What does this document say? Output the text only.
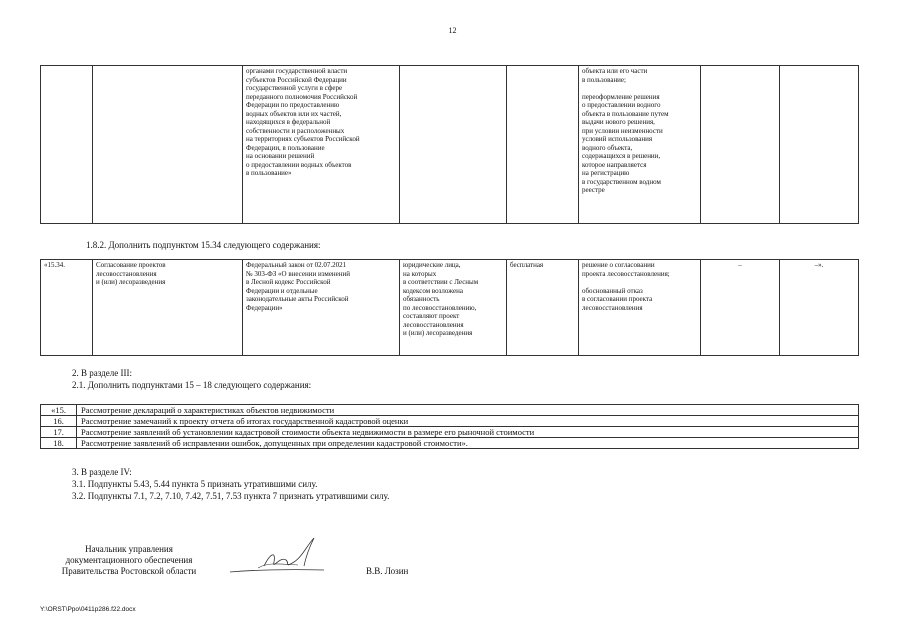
12
		органами государственной власти
субъектов Российской Федерации
государственной услуги в сфере
переданного полномочия Российской
Федерации по предоставлению
водных объектов или их частей,
находящихся в федеральной
собственности и расположенных
на территориях субъектов Российской
Федерации, в пользование
на основании решений
о предоставлении водных объектов
в пользование»			объекта или его части
в пользование;

переоформление решения
о предоставлении водного
объекта в пользование путем
выдачи нового решения,
при условии неизменности
условий использования
водного объекта,
содержащихся в решении,
которое направляется
на регистрацию
в государственном водном
реестре		
1.8.2. Дополнить подпунктом 15.34 следующего содержания:
«15.34.	Согласование проектов
лесовосстановления
и (или) лесоразведения	Федеральный закон от 02.07.2021
№ 303-ФЗ «О внесении изменений
в Лесной кодекс Российской
Федерации и отдельные
законодательные акты Российской
Федерации»	юридические лица,
на которых
в соответствии с Лесным
кодексом возложена
обязанность
по лесовосстановлению,
составляют проект
лесовосстановления
и (или) лесоразведения	бесплатная	решение о согласовании
проекта лесовосстановления;

обоснованный отказ
в согласовании проекта
лесовосстановления	–	–».
2. В разделе III:
2.1. Дополнить подпунктами 15 – 18 следующего содержания:
«15.	Рассмотрение деклараций о характеристиках объектов недвижимости
16.	Рассмотрение замечаний к проекту отчета об итогах государственной кадастровой оценки
17.	Рассмотрение заявлений об установлении кадастровой стоимости объекта недвижимости в размере его рыночной стоимости
18.	Рассмотрение заявлений об исправлении ошибок, допущенных при определении кадастровой стоимости».
3. В разделе IV:
3.1. Подпункты 5.43, 5.44 пункта 5 признать утратившими силу.
3.2. Подпункты 7.1, 7.2, 7.10, 7.42, 7.51, 7.53 пункта 7 признать утратившими силу.
Начальник управления
документационного обеспечения
Правительства Ростовской области	В.В. Лозин
Y:\ORST\Ppo\0411p286.f22.docx
